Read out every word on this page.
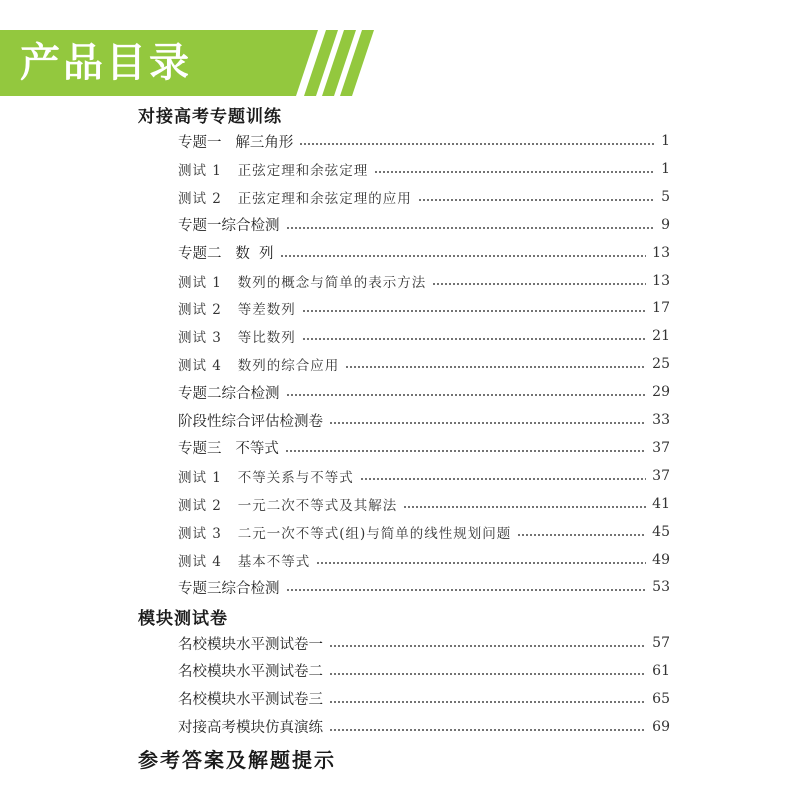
产品目录
对接高考专题训练
专题一   解三角形	1
测试 1   正弦定理和余弦定理	1
测试 2   正弦定理和余弦定理的应用	5
专题一综合检测	9
专题二   数  列	13
测试 1   数列的概念与简单的表示方法	13
测试 2   等差数列	17
测试 3   等比数列	21
测试 4   数列的综合应用	25
专题二综合检测	29
阶段性综合评估检测卷	33
专题三   不等式	37
测试 1   不等关系与不等式	37
测试 2   一元二次不等式及其解法	41
测试 3   二元一次不等式(组)与简单的线性规划问题	45
测试 4   基本不等式	49
专题三综合检测	53
模块测试卷
名校模块水平测试卷一	57
名校模块水平测试卷二	61
名校模块水平测试卷三	65
对接高考模块仿真演练	69
参考答案及解题提示
